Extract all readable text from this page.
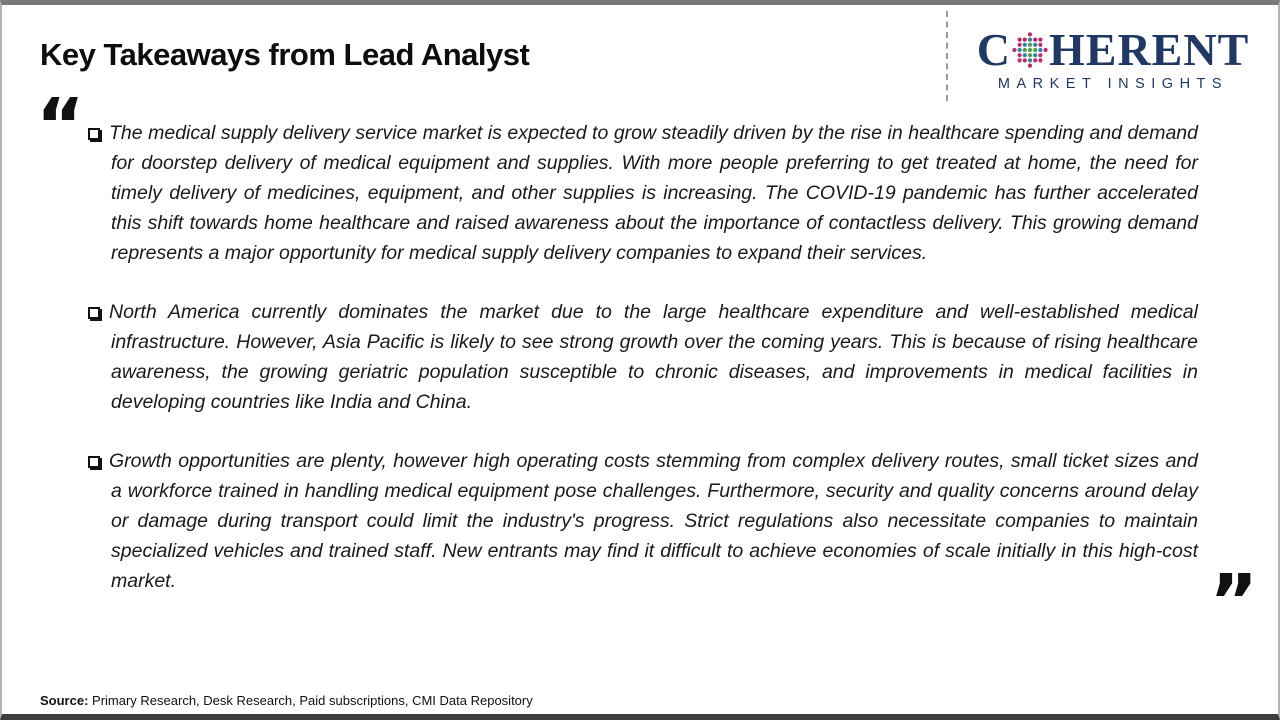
Key Takeaways from Lead Analyst	C HERENT
MARKET INSIGHTS
“	The medical supply delivery service market is expected to grow steadily driven by the rise in healthcare spending and demand for doorstep delivery of medical equipment and supplies. With more people preferring to get treated at home, the need for timely delivery of medicines, equipment, and other supplies is increasing. The COVID-19 pandemic has further accelerated this shift towards home healthcare and raised awareness about the importance of contactless delivery. This growing demand represents a major opportunity for medical supply delivery companies to expand their services.

North America currently dominates the market due to the large healthcare expenditure and well-established medical infrastructure. However, Asia Pacific is likely to see strong growth over the coming years. This is because of rising healthcare awareness, the growing geriatric population susceptible to chronic diseases, and improvements in medical facilities in developing countries like India and China.

Growth opportunities are plenty, however high operating costs stemming from complex delivery routes, small ticket sizes and a workforce trained in handling medical equipment pose challenges. Furthermore, security and quality concerns around delay or damage during transport could limit the industry's progress. Strict regulations also necessitate companies to maintain specialized vehicles and trained staff. New entrants may find it difficult to achieve economies of scale initially in this high-cost market.	”
Source: Primary Research, Desk Research, Paid subscriptions, CMI Data Repository
